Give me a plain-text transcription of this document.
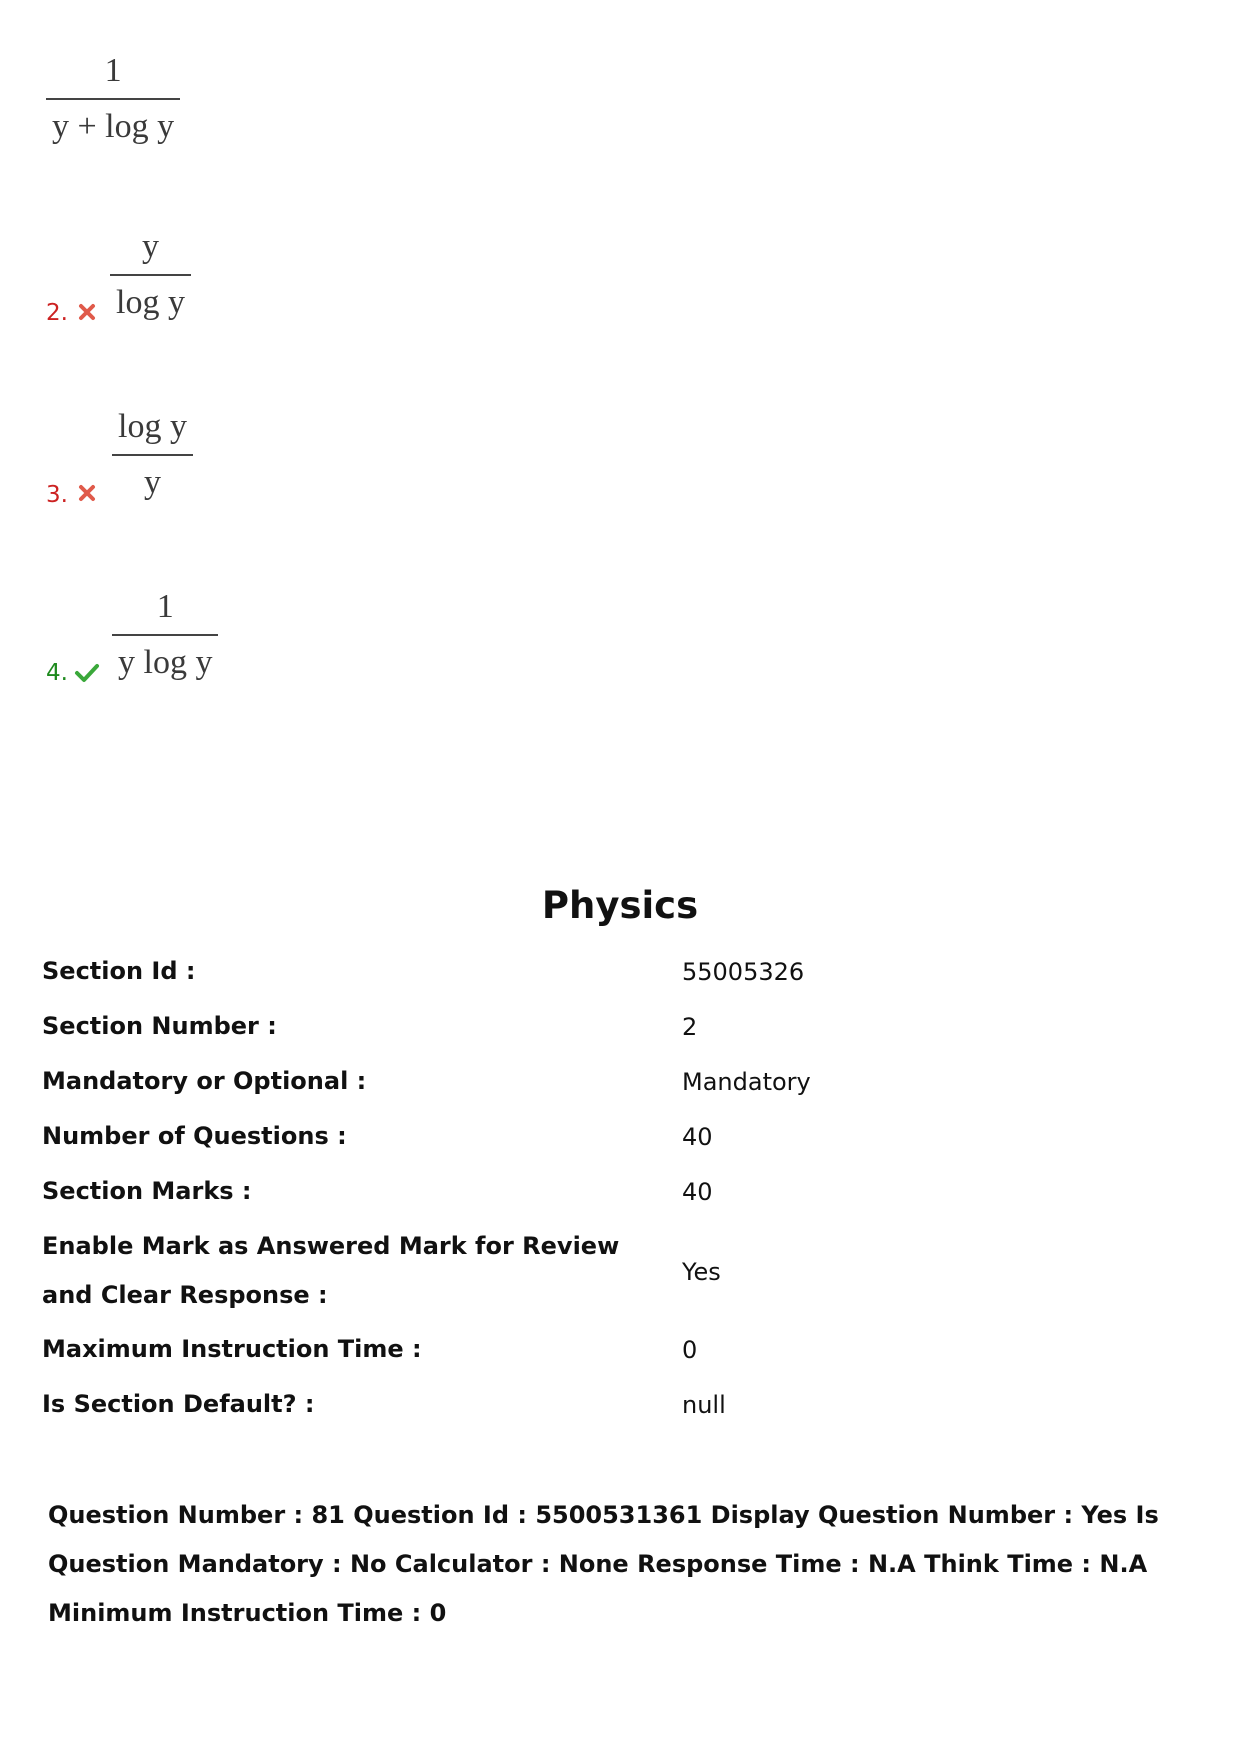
1
y + log y
2.
y
log y
3.
log y
y
4.
1
y log y
Physics
Section Id :	55005326
Section Number :	2
Mandatory or Optional :	Mandatory
Number of Questions :	40
Section Marks :	40
Enable Mark as Answered Mark for Review and Clear Response :
Yes
Maximum Instruction Time :	0
Is Section Default? :	null
Question Number : 81 Question Id : 5500531361 Display Question Number : Yes Is Question Mandatory : No Calculator : None Response Time : N.A Think Time : N.A Minimum Instruction Time : 0
